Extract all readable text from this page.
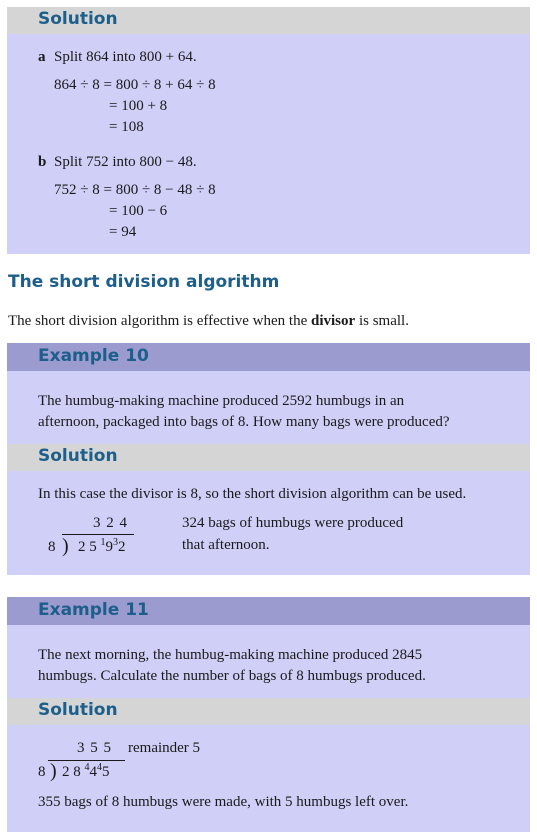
Solution
a Split 864 into 800 + 64.
864 ÷ 8 = 800 ÷ 8 + 64 ÷ 8
= 100 + 8
= 108
b Split 752 into 800 − 48.
752 ÷ 8 = 800 ÷ 8 − 48 ÷ 8
= 100 − 6
= 94
The short division algorithm
The short division algorithm is effective when the divisor is small.
Example 10
The humbug-making machine produced 2592 humbugs in an
afternoon, packaged into bags of 8. How many bags were produced?
Solution
In this case the divisor is 8, so the short division algorithm can be used.
3 2 4
8 ) 2 5 $^19^32$
324 bags of humbugs were produced
that afternoon.
Example 11
The next morning, the humbug-making machine produced 2845
humbugs. Calculate the number of bags of 8 humbugs produced.
Solution
3 5 5 remainder 5
8 ) 2 8 $^44^45$
355 bags of 8 humbugs were made, with 5 humbugs left over.
